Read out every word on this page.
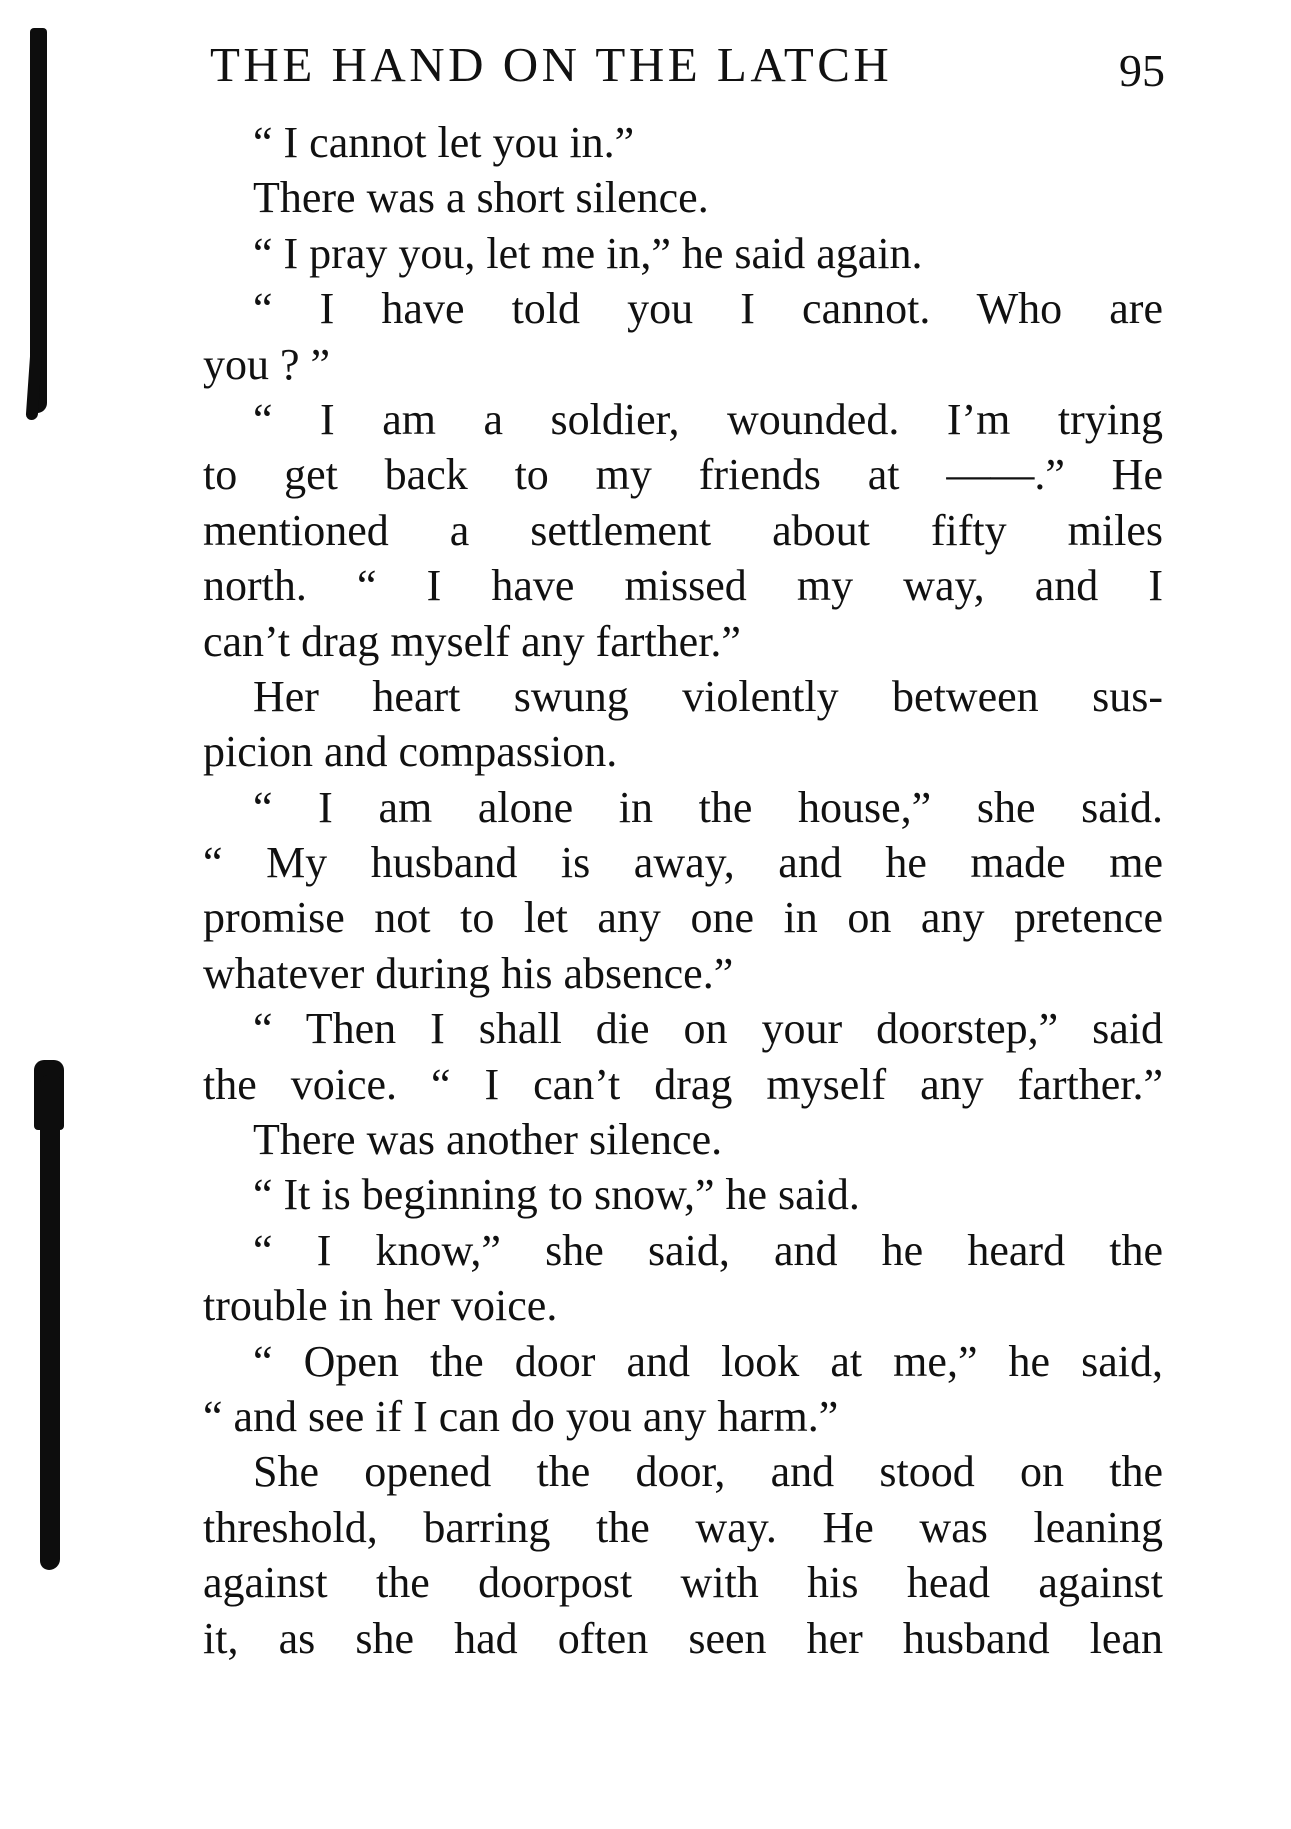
THE HAND ON THE LATCH	95
“ I cannot let you in.”
There was a short silence.
“ I pray you, let me in,” he said again.
“ I have told you I cannot. Who are
you ? ”
“ I am a soldier, wounded. I’m trying
to get back to my friends at ——.” He
mentioned a settlement about fifty miles
north. “ I have missed my way, and I
can’t drag myself any farther.”
Her heart swung violently between sus-
picion and compassion.
“ I am alone in the house,” she said.
“ My husband is away, and he made me
promise not to let any one in on any pretence
whatever during his absence.”
“ Then I shall die on your doorstep,” said
the voice. “ I can’t drag myself any farther.”
There was another silence.
“ It is beginning to snow,” he said.
“ I know,” she said, and he heard the
trouble in her voice.
“ Open the door and look at me,” he said,
“ and see if I can do you any harm.”
She opened the door, and stood on the
threshold, barring the way. He was leaning
against the doorpost with his head against
it, as she had often seen her husband lean
